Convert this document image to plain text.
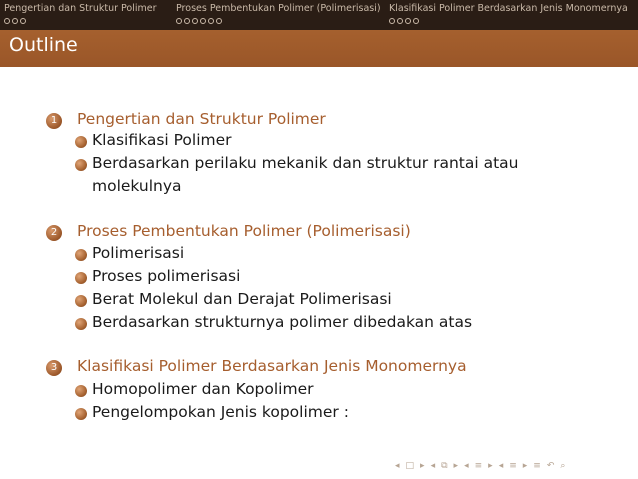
Pengertian dan Struktur Polimer Proses Pembentukan Polimer (Polimerisasi) Klasifikasi Polimer Berdasarkan Jenis Monomernya
Outline
1	Pengertian dan Struktur Polimer
Klasifikasi Polimer
Berdasarkan perilaku mekanik dan struktur rantai atau
molekulnya
2	Proses Pembentukan Polimer (Polimerisasi)
Polimerisasi
Proses polimerisasi
Berat Molekul dan Derajat Polimerisasi
Berdasarkan strukturnya polimer dibedakan atas
3	Klasifikasi Polimer Berdasarkan Jenis Monomernya
Homopolimer dan Kopolimer
Pengelompokan Jenis kopolimer :
◂ □ ▸ ◂ ⧉ ▸ ◂ ≡ ▸ ◂ ≡ ▸ ≡ ↶ ⌕
